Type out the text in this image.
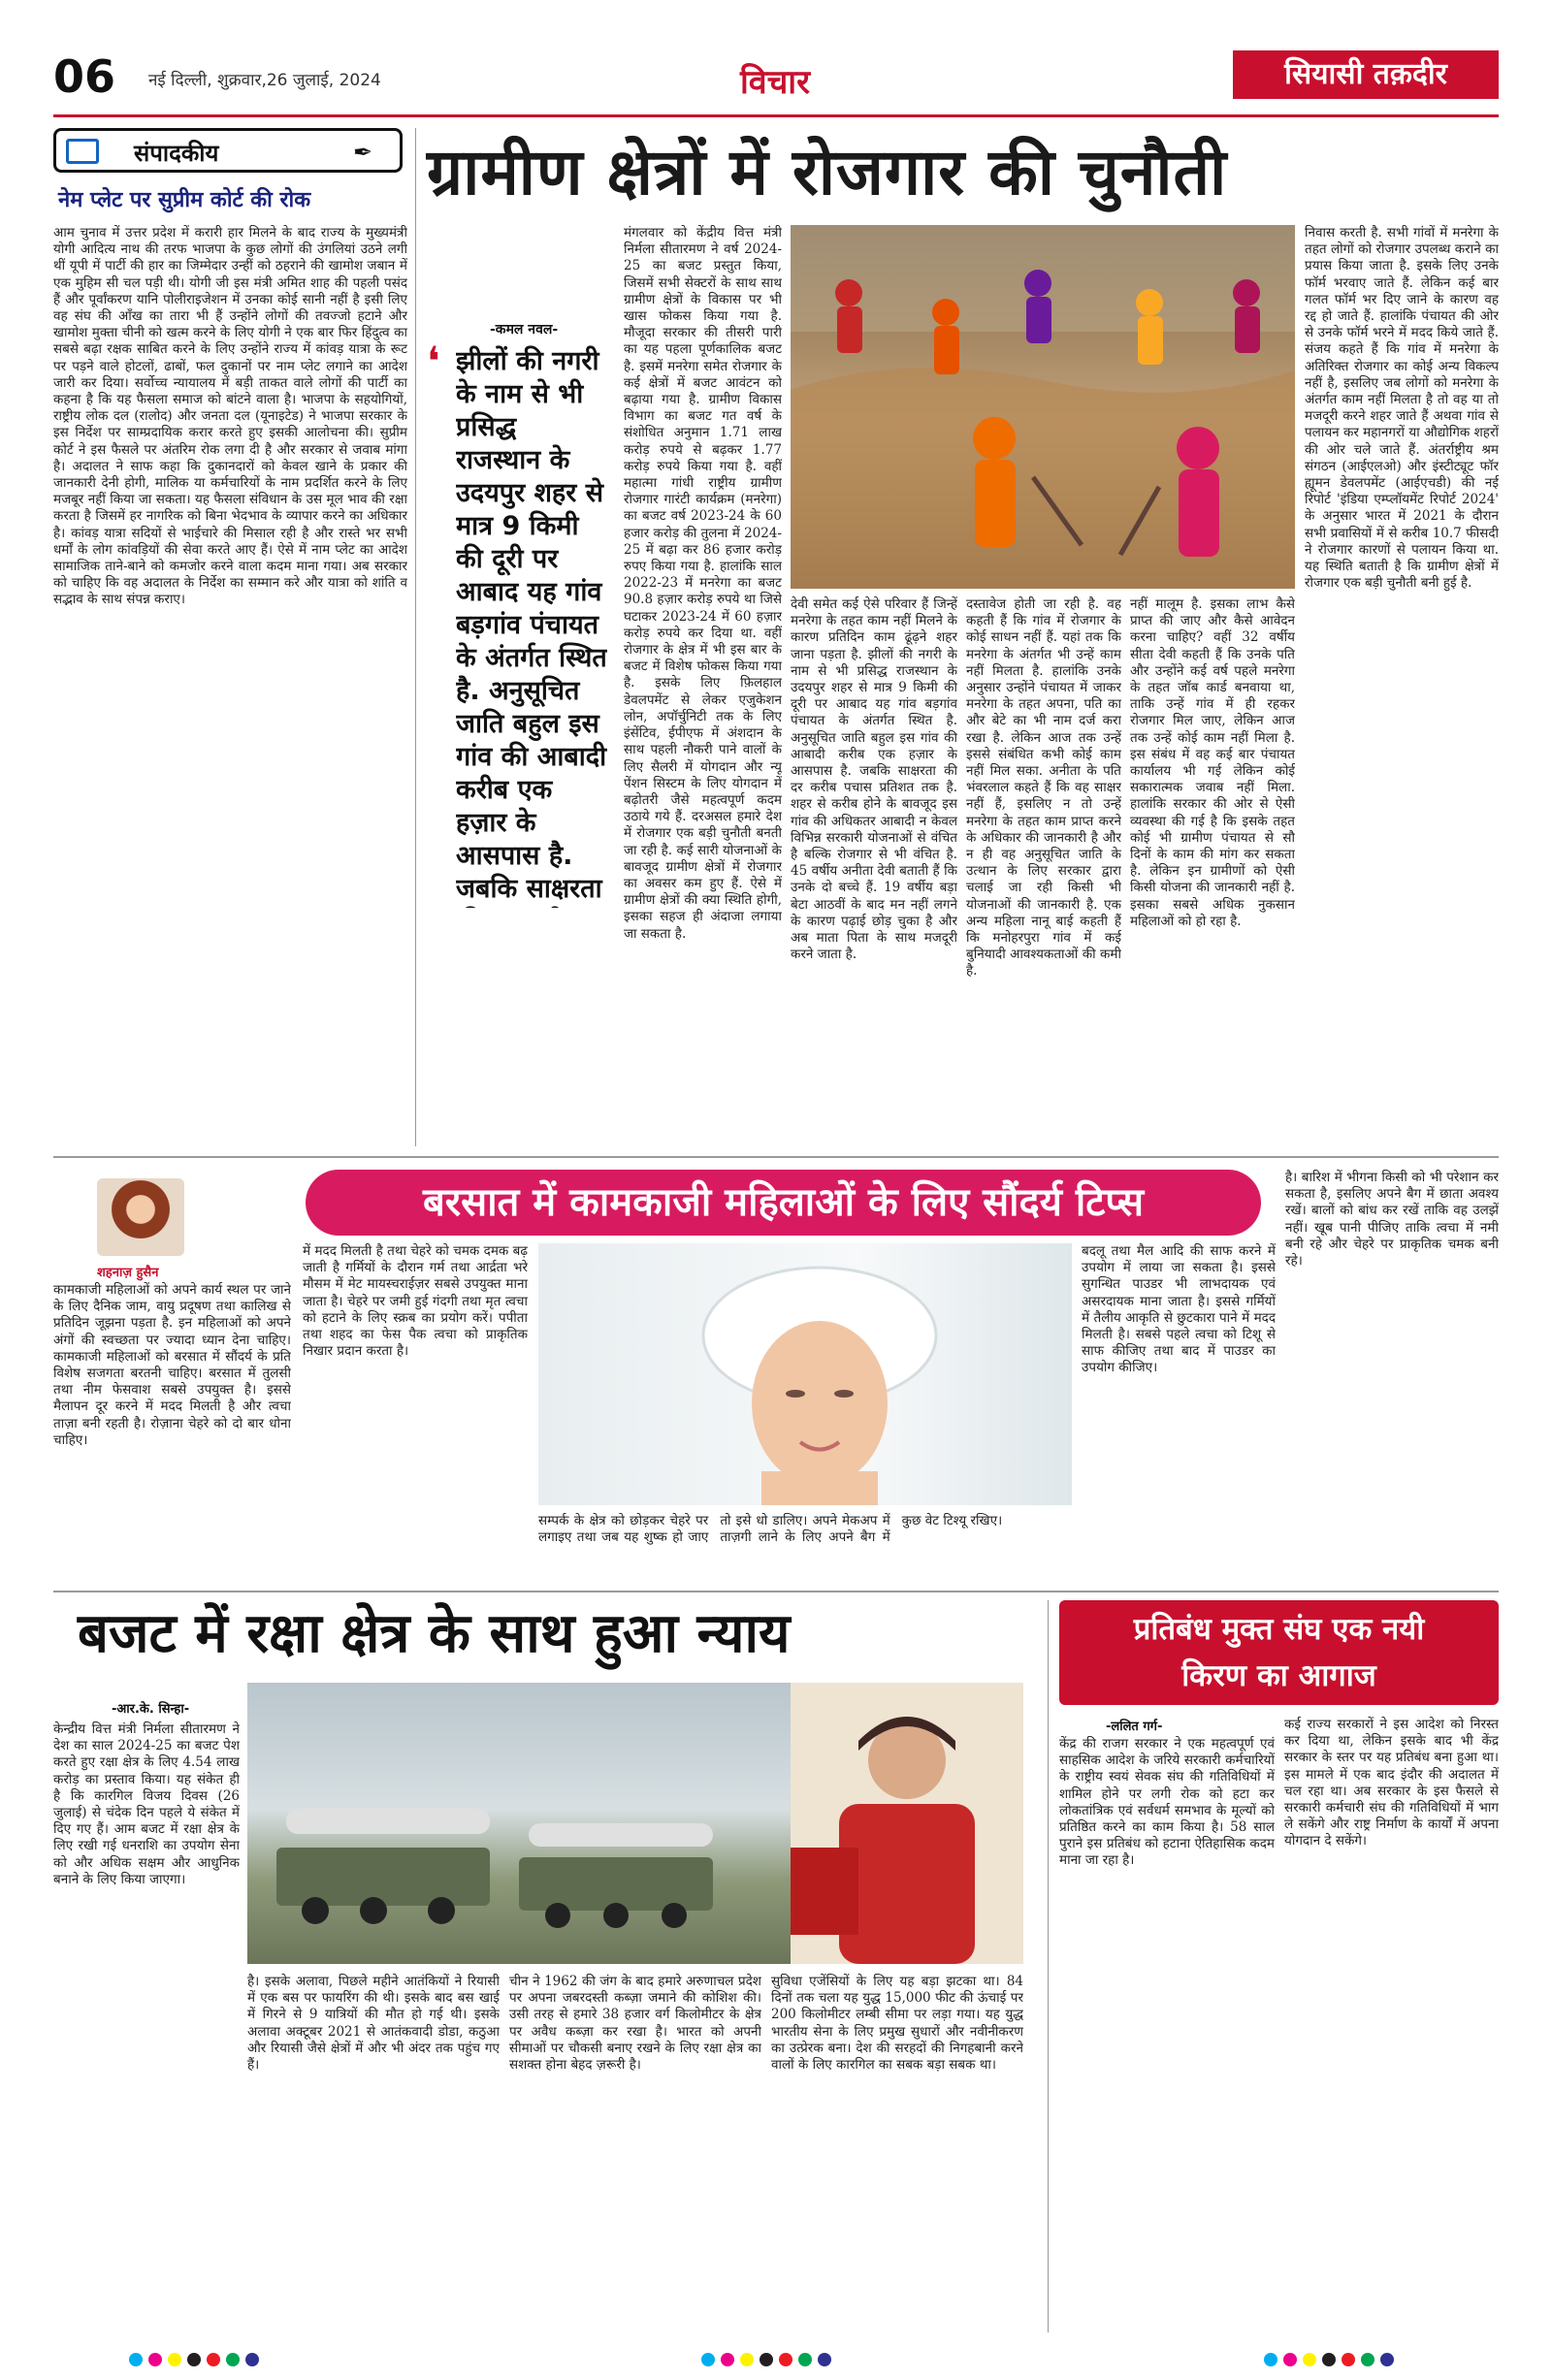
06 नई दिल्ली, शुक्रवार,26 जुलाई, 2024	विचार	सियासी तक़दीर
संपादकीय	✒
नेम प्लेट पर सुप्रीम कोर्ट की रोक
आम चुनाव में उत्तर प्रदेश में करारी हार मिलने के बाद राज्य के मुख्यमंत्री योगी आदित्य नाथ की तरफ भाजपा के कुछ लोगों की उंगलियां उठने लगी थीं यूपी में पार्टी की हार का जिम्मेदार उन्हीं को ठहराने की खामोश जबान में एक मुहिम सी चल पड़ी थी। योगी जी इस मंत्री अमित शाह की पहली पसंद हैं और पूर्वांकरण यानि पोलीराइजेशन में उनका कोई सानी नहीं है इसी लिए वह संघ की आँख का तारा भी हैं उन्होंने लोगों की तवज्जो हटाने और खामोश मुक्ता चीनी को खत्म करने के लिए योगी ने एक बार फिर हिंदुत्व का सबसे बढ़ा रक्षक साबित करने के लिए उन्होंने राज्य में कांवड़ यात्रा के रूट पर पड़ने वाले होटलों, ढाबों, फल दुकानों पर नाम प्लेट लगाने का आदेश जारी कर दिया। सर्वोच्च न्यायालय में बड़ी ताकत वाले लोगों की पार्टी का कहना है कि यह फैसला समाज को बांटने वाला है। भाजपा के सहयोगियों, राष्ट्रीय लोक दल (रालोद) और जनता दल (यूनाइटेड) ने भाजपा सरकार के इस निर्देश पर साम्प्रदायिक करार करते हुए इसकी आलोचना की। सुप्रीम कोर्ट ने इस फैसले पर अंतरिम रोक लगा दी है और सरकार से जवाब मांगा है। अदालत ने साफ कहा कि दुकानदारों को केवल खाने के प्रकार की जानकारी देनी होगी, मालिक या कर्मचारियों के नाम प्रदर्शित करने के लिए मजबूर नहीं किया जा सकता। यह फैसला संविधान के उस मूल भाव की रक्षा करता है जिसमें हर नागरिक को बिना भेदभाव के व्यापार करने का अधिकार है। कांवड़ यात्रा सदियों से भाईचारे की मिसाल रही है और रास्ते भर सभी धर्मों के लोग कांवड़ियों की सेवा करते आए हैं। ऐसे में नाम प्लेट का आदेश सामाजिक ताने-बाने को कमजोर करने वाला कदम माना गया। अब सरकार को चाहिए कि वह अदालत के निर्देश का सम्मान करे और यात्रा को शांति व सद्भाव के साथ संपन्न कराए।
ग्रामीण क्षेत्रों में रोजगार की चुनौती
-कमल नवल-
❛ झीलों की नगरी के नाम से भी प्रसिद्ध राजस्थान के उदयपुर शहर से मात्र 9 किमी की दूरी पर आबाद यह गांव बड़गांव पंचायत के अंतर्गत स्थित है. अनुसूचित जाति बहुल इस गांव की आबादी करीब एक हज़ार के आसपास है. जबकि साक्षरता
मंगलवार को केंद्रीय वित्त मंत्री निर्मला सीतारमण ने वर्ष 2024-25 का बजट प्रस्तुत किया, जिसमें सभी सेक्टरों के साथ साथ ग्रामीण क्षेत्रों के विकास पर भी खास फोकस किया गया है. मौजूदा सरकार की तीसरी पारी का यह पहला पूर्णकालिक बजट है. इसमें मनरेगा समेत रोजगार के कई क्षेत्रों में बजट आवंटन को बढ़ाया गया है. ग्रामीण विकास विभाग का बजट गत वर्ष के संशोधित अनुमान 1.71 लाख करोड़ रुपये से बढ़कर 1.77 करोड़ रुपये किया गया है. वहीं महात्मा गांधी राष्ट्रीय ग्रामीण रोजगार गारंटी कार्यक्रम (मनरेगा) का बजट वर्ष 2023-24 के 60 हजार करोड़ की तुलना में 2024-25 में बढ़ा कर 86 हजार करोड़ रुपए किया गया है. हालांकि साल 2022-23 में मनरेगा का बजट 90.8 हज़ार करोड़ रुपये था जिसे घटाकर 2023-24 में 60 हज़ार करोड़ रुपये कर दिया था. वहीं रोजगार के क्षेत्र में भी इस बार के बजट में विशेष फोकस किया गया है. इसके लिए फ़िलहाल डेवलपमेंट से लेकर एजुकेशन लोन, अपॉर्चुनिटी तक के लिए इंसेंटिव, ईपीएफ में अंशदान के साथ पहली नौकरी पाने वालों के लिए सैलरी में योगदान और न्यू पेंशन सिस्टम के लिए योगदान में बढ़ोतरी जैसे महत्वपूर्ण कदम उठाये गये हैं. दरअसल हमारे देश में रोजगार एक बड़ी चुनौती बनती जा रही है. कई सारी योजनाओं के बावजूद ग्रामीण क्षेत्रों में रोजगार का अवसर कम हुए हैं. ऐसे में ग्रामीण क्षेत्रों की क्या स्थिति होगी, इसका सहज ही अंदाजा लगाया जा सकता है.
देवी समेत कई ऐसे परिवार हैं जिन्हें मनरेगा के तहत काम नहीं मिलने के कारण प्रतिदिन काम ढूंढ़ने शहर जाना पड़ता है. झीलों की नगरी के नाम से भी प्रसिद्ध राजस्थान के उदयपुर शहर से मात्र 9 किमी की दूरी पर आबाद यह गांव बड़गांव पंचायत के अंतर्गत स्थित है. अनुसूचित जाति बहुल इस गांव की आबादी करीब एक हज़ार के आसपास है. जबकि साक्षरता की दर करीब पचास प्रतिशत तक है. शहर से करीब होने के बावजूद इस गांव की अधिकतर आबादी न केवल विभिन्न सरकारी योजनाओं से वंचित है बल्कि रोजगार से भी वंचित है. 45 वर्षीय अनीता देवी बताती हैं कि उनके दो बच्चे हैं. 19 वर्षीय बड़ा बेटा आठवीं के बाद मन नहीं लगने के कारण पढ़ाई छोड़ चुका है और अब माता पिता के साथ मजदूरी करने जाता है.
दस्तावेज होती जा रही है. वह कहती हैं कि गांव में रोजगार के कोई साधन नहीं हैं. यहां तक कि मनरेगा के अंतर्गत भी उन्हें काम नहीं मिलता है. हालांकि उनके अनुसार उन्होंने पंचायत में जाकर मनरेगा के तहत अपना, पति का और बेटे का भी नाम दर्ज करा रखा है. लेकिन आज तक उन्हें इससे संबंधित कभी कोई काम नहीं मिल सका. अनीता के पति भंवरलाल कहते हैं कि वह साक्षर नहीं हैं, इसलिए न तो उन्हें मनरेगा के तहत काम प्राप्त करने के अधिकार की जानकारी है और न ही वह अनुसूचित जाति के उत्थान के लिए सरकार द्वारा चलाई जा रही किसी भी योजनाओं की जानकारी है. एक अन्य महिला नानू बाई कहती हैं कि मनोहरपुरा गांव में कई बुनियादी आवश्यकताओं की कमी है.
नहीं मालूम है. इसका लाभ कैसे प्राप्त की जाए और कैसे आवेदन करना चाहिए? वहीं 32 वर्षीय सीता देवी कहती हैं कि उनके पति और उन्होंने कई वर्ष पहले मनरेगा के तहत जॉब कार्ड बनवाया था, ताकि उन्हें गांव में ही रहकर रोजगार मिल जाए, लेकिन आज तक उन्हें कोई काम नहीं मिला है. इस संबंध में वह कई बार पंचायत कार्यालय भी गई लेकिन कोई सकारात्मक जवाब नहीं मिला. हालांकि सरकार की ओर से ऐसी व्यवस्था की गई है कि इसके तहत कोई भी ग्रामीण पंचायत से सौ दिनों के काम की मांग कर सकता है. लेकिन इन ग्रामीणों को ऐसी किसी योजना की जानकारी नहीं है. इसका सबसे अधिक नुकसान महिलाओं को हो रहा है.
निवास करती है. सभी गांवों में मनरेगा के तहत लोगों को रोजगार उपलब्ध कराने का प्रयास किया जाता है. इसके लिए उनके फॉर्म भरवाए जाते हैं. लेकिन कई बार गलत फॉर्म भर दिए जाने के कारण वह रद्द हो जाते हैं. हालांकि पंचायत की ओर से उनके फॉर्म भरने में मदद किये जाते हैं. संजय कहते हैं कि गांव में मनरेगा के अतिरिक्त रोजगार का कोई अन्य विकल्प नहीं है, इसलिए जब लोगों को मनरेगा के अंतर्गत काम नहीं मिलता है तो वह या तो मजदूरी करने शहर जाते हैं अथवा गांव से पलायन कर महानगरों या औद्योगिक शहरों की ओर चले जाते हैं. अंतर्राष्ट्रीय श्रम संगठन (आईएलओ) और इंस्टीट्यूट फॉर ह्यूमन डेवलपमेंट (आईएचडी) की नई रिपोर्ट 'इंडिया एम्प्लॉयमेंट रिपोर्ट 2024' के अनुसार भारत में 2021 के दौरान सभी प्रवासियों में से करीब 10.7 फीसदी ने रोजगार कारणों से पलायन किया था. यह स्थिति बताती है कि ग्रामीण क्षेत्रों में रोजगार एक बड़ी चुनौती बनी हुई है.
शहनाज़ हुसैन
बरसात में कामकाजी महिलाओं के लिए सौंदर्य टिप्स
कामकाजी महिलाओं को अपने कार्य स्थल पर जाने के लिए दैनिक जाम, वायु प्रदूषण तथा कालिख से प्रतिदिन जूझना पड़ता है. इन महिलाओं को अपने अंगों की स्वच्छता पर ज्यादा ध्यान देना चाहिए। कामकाजी महिलाओं को बरसात में सौंदर्य के प्रति विशेष सजगता बरतनी चाहिए। बरसात में तुलसी तथा नीम फेसवाश सबसे उपयुक्त है। इससे मैलापन दूर करने में मदद मिलती है और त्वचा ताज़ा बनी रहती है। रोज़ाना चेहरे को दो बार धोना चाहिए।
में मदद मिलती है तथा चेहरे को चमक दमक बढ़ जाती है गर्मियों के दौरान गर्म तथा आर्द्रता भरे मौसम में मेट मायस्चराईज़र सबसे उपयुक्त माना जाता है। चेहरे पर जमी हुई गंदगी तथा मृत त्वचा को हटाने के लिए स्क्रब का प्रयोग करें। पपीता तथा शहद का फेस पैक त्वचा को प्राकृतिक निखार प्रदान करता है।
सम्पर्क के क्षेत्र को छोड़कर चेहरे पर लगाइए तथा जब यह शुष्क हो जाए तो इसे धो डालिए। अपने मेकअप में ताज़गी लाने के लिए अपने बैग में कुछ वेट टिश्यू रखिए।
बदलू तथा मैल आदि की साफ करने में उपयोग में लाया जा सकता है। इससे सुगन्धित पाउडर भी लाभदायक एवं असरदायक माना जाता है। इससे गर्मियों में तैलीय आकृति से छुटकारा पाने में मदद मिलती है। सबसे पहले त्वचा को टिशू से साफ कीजिए तथा बाद में पाउडर का उपयोग कीजिए।
है। बारिश में भीगना किसी को भी परेशान कर सकता है, इसलिए अपने बैग में छाता अवश्य रखें। बालों को बांध कर रखें ताकि वह उलझें नहीं। खूब पानी पीजिए ताकि त्वचा में नमी बनी रहे और चेहरे पर प्राकृतिक चमक बनी रहे।
बजट में रक्षा क्षेत्र के साथ हुआ न्याय
-आर.के. सिन्हा-
केन्द्रीय वित्त मंत्री निर्मला सीतारमण ने देश का साल 2024-25 का बजट पेश करते हुए रक्षा क्षेत्र के लिए 4.54 लाख करोड़ का प्रस्ताव किया। यह संकेत ही है कि कारगिल विजय दिवस (26 जुलाई) से चंदेक दिन पहले ये संकेत में दिए गए हैं। आम बजट में रक्षा क्षेत्र के लिए रखी गई धनराशि का उपयोग सेना को और अधिक सक्षम और आधुनिक बनाने के लिए किया जाएगा।
है। इसके अलावा, पिछले महीने आतंकियों ने रियासी में एक बस पर फायरिंग की थी। इसके बाद बस खाई में गिरने से 9 यात्रियों की मौत हो गई थी। इसके अलावा अक्टूबर 2021 से आतंकवादी डोडा, कठुआ और रियासी जैसे क्षेत्रों में और भी अंदर तक पहुंच गए हैं।
चीन ने 1962 की जंग के बाद हमारे अरुणाचल प्रदेश पर अपना जबरदस्ती कब्ज़ा जमाने की कोशिश की। उसी तरह से हमारे 38 हजार वर्ग किलोमीटर के क्षेत्र पर अवैध कब्ज़ा कर रखा है। भारत को अपनी सीमाओं पर चौकसी बनाए रखने के लिए रक्षा क्षेत्र का सशक्त होना बेहद ज़रूरी है।
सुविधा एजेंसियों के लिए यह बड़ा झटका था। 84 दिनों तक चला यह युद्ध 15,000 फीट की ऊंचाई पर 200 किलोमीटर लम्बी सीमा पर लड़ा गया। यह युद्ध भारतीय सेना के लिए प्रमुख सुधारों और नवीनीकरण का उत्प्रेरक बना। देश की सरहदों की निगहबानी करने वालों के लिए कारगिल का सबक बड़ा सबक था।
प्रतिबंध मुक्त संघ एक नयी
किरण का आगाज
-ललित गर्ग-
केंद्र की राजग सरकार ने एक महत्वपूर्ण एवं साहसिक आदेश के जरिये सरकारी कर्मचारियों के राष्ट्रीय स्वयं सेवक संघ की गतिविधियों में शामिल होने पर लगी रोक को हटा कर लोकतांत्रिक एवं सर्वधर्म समभाव के मूल्यों को प्रतिष्ठित करने का काम किया है। 58 साल पुराने इस प्रतिबंध को हटाना ऐतिहासिक कदम माना जा रहा है।
कई राज्य सरकारों ने इस आदेश को निरस्त कर दिया था, लेकिन इसके बाद भी केंद्र सरकार के स्तर पर यह प्रतिबंध बना हुआ था। इस मामले में एक बाद इंदौर की अदालत में चल रहा था। अब सरकार के इस फैसले से सरकारी कर्मचारी संघ की गतिविधियों में भाग ले सकेंगे और राष्ट्र निर्माण के कार्यों में अपना योगदान दे सकेंगे।
